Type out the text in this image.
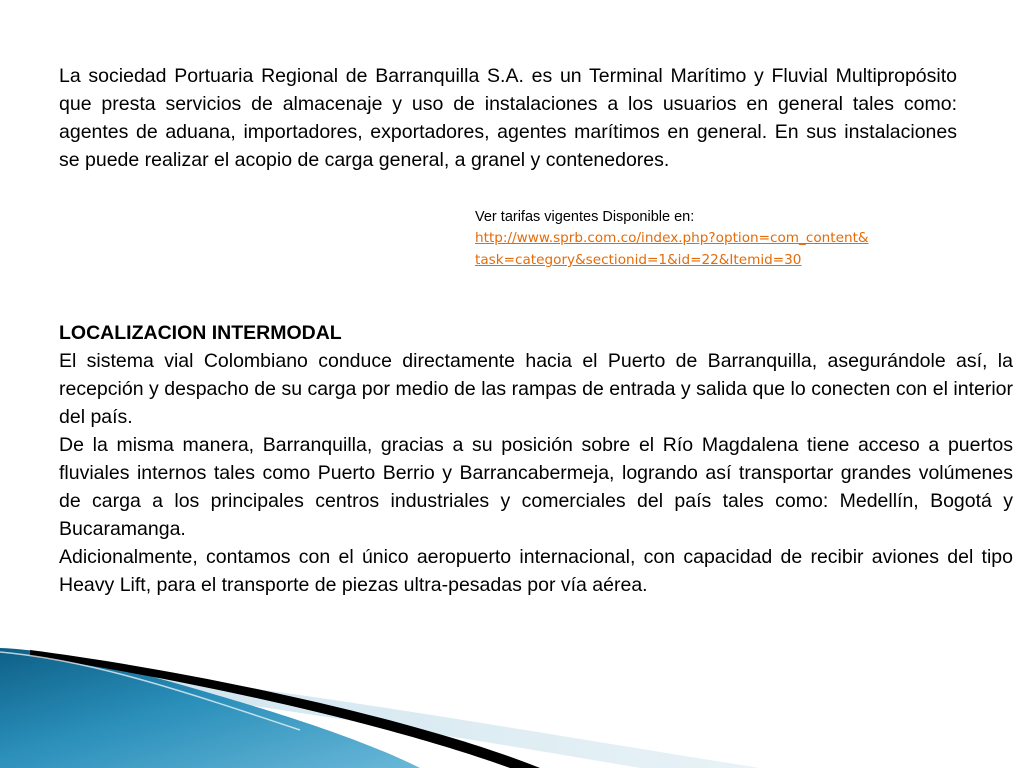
La sociedad Portuaria Regional de Barranquilla S.A. es un Terminal Marítimo y Fluvial Multipropósito que presta servicios de almacenaje y uso de instalaciones a los usuarios en general tales como: agentes de aduana, importadores, exportadores, agentes marítimos en general. En sus instalaciones se puede realizar el acopio de carga general, a granel y contenedores.

Ver tarifas vigentes Disponible en:
http://www.sprb.com.co/index.php?option=com_content&
task=category&sectionid=1&id=22&Itemid=30
LOCALIZACION INTERMODAL

El sistema vial Colombiano conduce directamente hacia el Puerto de Barranquilla, asegurándole así, la recepción y despacho de su carga por medio de las rampas de entrada y salida que lo conecten con el interior del país.

De la misma manera, Barranquilla, gracias a su posición sobre el Río Magdalena tiene acceso a puertos fluviales internos tales como Puerto Berrio y Barrancabermeja, logrando así transportar grandes volúmenes de carga a los principales centros industriales y comerciales del país tales como: Medellín, Bogotá y Bucaramanga.

Adicionalmente, contamos con el único aeropuerto internacional, con capacidad de recibir aviones del tipo Heavy Lift, para el transporte de piezas ultra-pesadas por vía aérea.
